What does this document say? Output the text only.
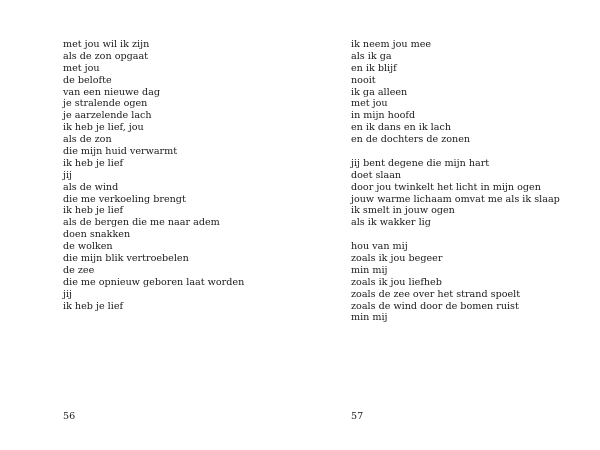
met jou wil ik zijn
als de zon opgaat
met jou
de belofte
van een nieuwe dag
je stralende ogen
je aarzelende lach
ik heb je lief, jou
als de zon
die mijn huid verwarmt
ik heb je lief
jij
als de wind
die me verkoeling brengt
ik heb je lief
als de bergen die me naar adem
doen snakken
de wolken
die mijn blik vertroebelen
de zee
die me opnieuw geboren laat worden
jij
ik heb je lief
56
ik neem jou mee
als ik ga
en ik blijf
nooit
ik ga alleen
met jou
in mijn hoofd
en ik dans en ik lach
en de dochters de zonen
jij bent degene die mijn hart
doet slaan
door jou twinkelt het licht in mijn ogen
jouw warme lichaam omvat me als ik slaap
ik smelt in jouw ogen
als ik wakker lig
hou van mij
zoals ik jou begeer
min mij
zoals ik jou liefheb
zoals de zee over het strand spoelt
zoals de wind door de bomen ruist
min mij
57
